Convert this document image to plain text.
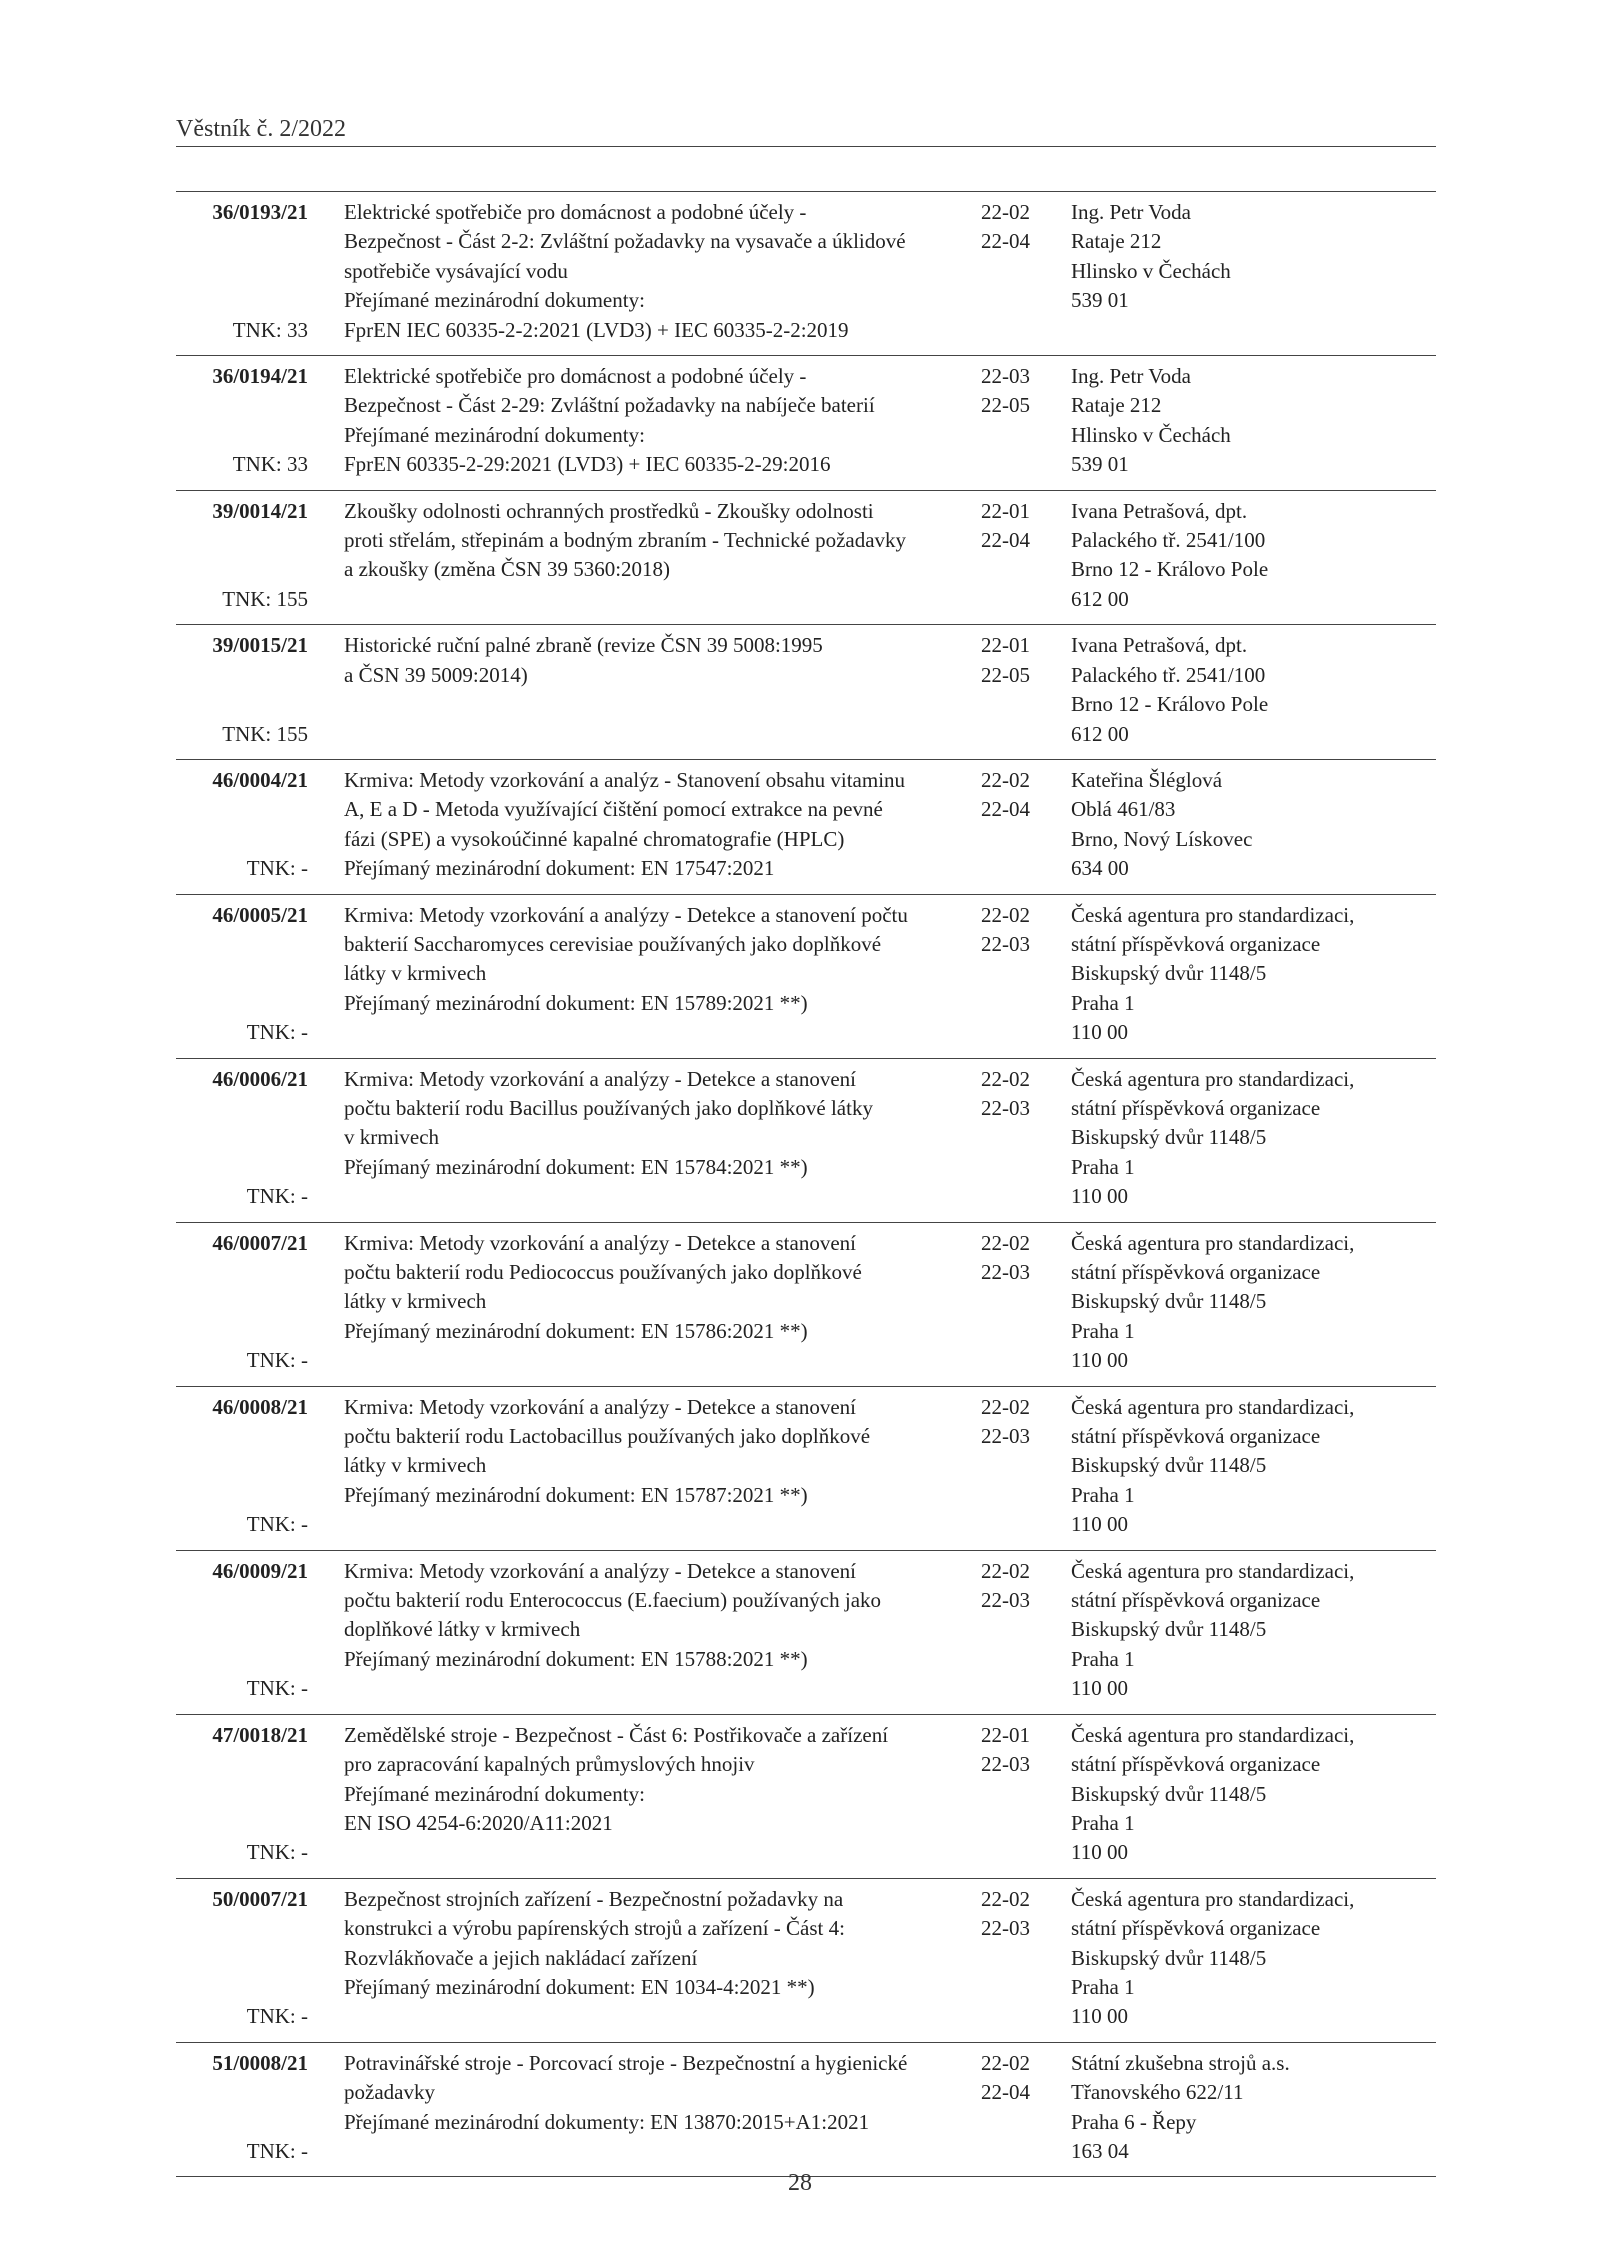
Věstník č. 2/2022
36/0193/21
TNK: 33
Elektrické spotřebiče pro domácnost a podobné účely -
Bezpečnost - Část 2-2: Zvláštní požadavky na vysavače a úklidové
spotřebiče vysávající vodu
Přejímané mezinárodní dokumenty:
FprEN IEC 60335-2-2:2021 (LVD3) + IEC 60335-2-2:2019
22-02
22-04
Ing. Petr Voda
Rataje 212
Hlinsko v Čechách
539 01
36/0194/21
TNK: 33
Elektrické spotřebiče pro domácnost a podobné účely -
Bezpečnost - Část 2-29: Zvláštní požadavky na nabíječe baterií
Přejímané mezinárodní dokumenty:
FprEN 60335-2-29:2021 (LVD3) + IEC 60335-2-29:2016
22-03
22-05
Ing. Petr Voda
Rataje 212
Hlinsko v Čechách
539 01
39/0014/21
TNK: 155
Zkoušky odolnosti ochranných prostředků - Zkoušky odolnosti
proti střelám, střepinám a bodným zbraním - Technické požadavky
a zkoušky (změna ČSN 39 5360:2018)
22-01
22-04
Ivana Petrašová, dpt.
Palackého tř. 2541/100
Brno 12 - Královo Pole
612 00
39/0015/21
TNK: 155
Historické ruční palné zbraně (revize ČSN 39 5008:1995
a ČSN 39 5009:2014)
22-01
22-05
Ivana Petrašová, dpt.
Palackého tř. 2541/100
Brno 12 - Královo Pole
612 00
46/0004/21
TNK: -
Krmiva: Metody vzorkování a analýz - Stanovení obsahu vitaminu
A, E a D - Metoda využívající čištění pomocí extrakce na pevné
fázi (SPE) a vysokoúčinné kapalné chromatografie (HPLC)
Přejímaný mezinárodní dokument: EN 17547:2021
22-02
22-04
Kateřina Šléglová
Oblá 461/83
Brno, Nový Lískovec
634 00
46/0005/21
TNK: -
Krmiva: Metody vzorkování a analýzy - Detekce a stanovení počtu
bakterií Saccharomyces cerevisiae používaných jako doplňkové
látky v krmivech
Přejímaný mezinárodní dokument: EN 15789:2021 **)
22-02
22-03
Česká agentura pro standardizaci,
státní příspěvková organizace
Biskupský dvůr 1148/5
Praha 1
110 00
46/0006/21
TNK: -
Krmiva: Metody vzorkování a analýzy - Detekce a stanovení
počtu bakterií rodu Bacillus používaných jako doplňkové látky
v krmivech
Přejímaný mezinárodní dokument: EN 15784:2021 **)
22-02
22-03
Česká agentura pro standardizaci,
státní příspěvková organizace
Biskupský dvůr 1148/5
Praha 1
110 00
46/0007/21
TNK: -
Krmiva: Metody vzorkování a analýzy - Detekce a stanovení
počtu bakterií rodu Pediococcus používaných jako doplňkové
látky v krmivech
Přejímaný mezinárodní dokument: EN 15786:2021 **)
22-02
22-03
Česká agentura pro standardizaci,
státní příspěvková organizace
Biskupský dvůr 1148/5
Praha 1
110 00
46/0008/21
TNK: -
Krmiva: Metody vzorkování a analýzy - Detekce a stanovení
počtu bakterií rodu Lactobacillus používaných jako doplňkové
látky v krmivech
Přejímaný mezinárodní dokument: EN 15787:2021 **)
22-02
22-03
Česká agentura pro standardizaci,
státní příspěvková organizace
Biskupský dvůr 1148/5
Praha 1
110 00
46/0009/21
TNK: -
Krmiva: Metody vzorkování a analýzy - Detekce a stanovení
počtu bakterií rodu Enterococcus (E.faecium) používaných jako
doplňkové látky v krmivech
Přejímaný mezinárodní dokument: EN 15788:2021 **)
22-02
22-03
Česká agentura pro standardizaci,
státní příspěvková organizace
Biskupský dvůr 1148/5
Praha 1
110 00
47/0018/21
TNK: -
Zemědělské stroje - Bezpečnost - Část 6: Postřikovače a zařízení
pro zapracování kapalných průmyslových hnojiv
Přejímané mezinárodní dokumenty:
EN ISO 4254-6:2020/A11:2021
22-01
22-03
Česká agentura pro standardizaci,
státní příspěvková organizace
Biskupský dvůr 1148/5
Praha 1
110 00
50/0007/21
TNK: -
Bezpečnost strojních zařízení - Bezpečnostní požadavky na
konstrukci a výrobu papírenských strojů a zařízení - Část 4:
Rozvlákňovače a jejich nakládací zařízení
Přejímaný mezinárodní dokument: EN 1034-4:2021 **)
22-02
22-03
Česká agentura pro standardizaci,
státní příspěvková organizace
Biskupský dvůr 1148/5
Praha 1
110 00
51/0008/21
TNK: -
Potravinářské stroje - Porcovací stroje - Bezpečnostní a hygienické
požadavky
Přejímané mezinárodní dokumenty: EN 13870:2015+A1:2021
22-02
22-04
Státní zkušebna strojů a.s.
Třanovského 622/11
Praha 6 - Řepy
163 04
28
